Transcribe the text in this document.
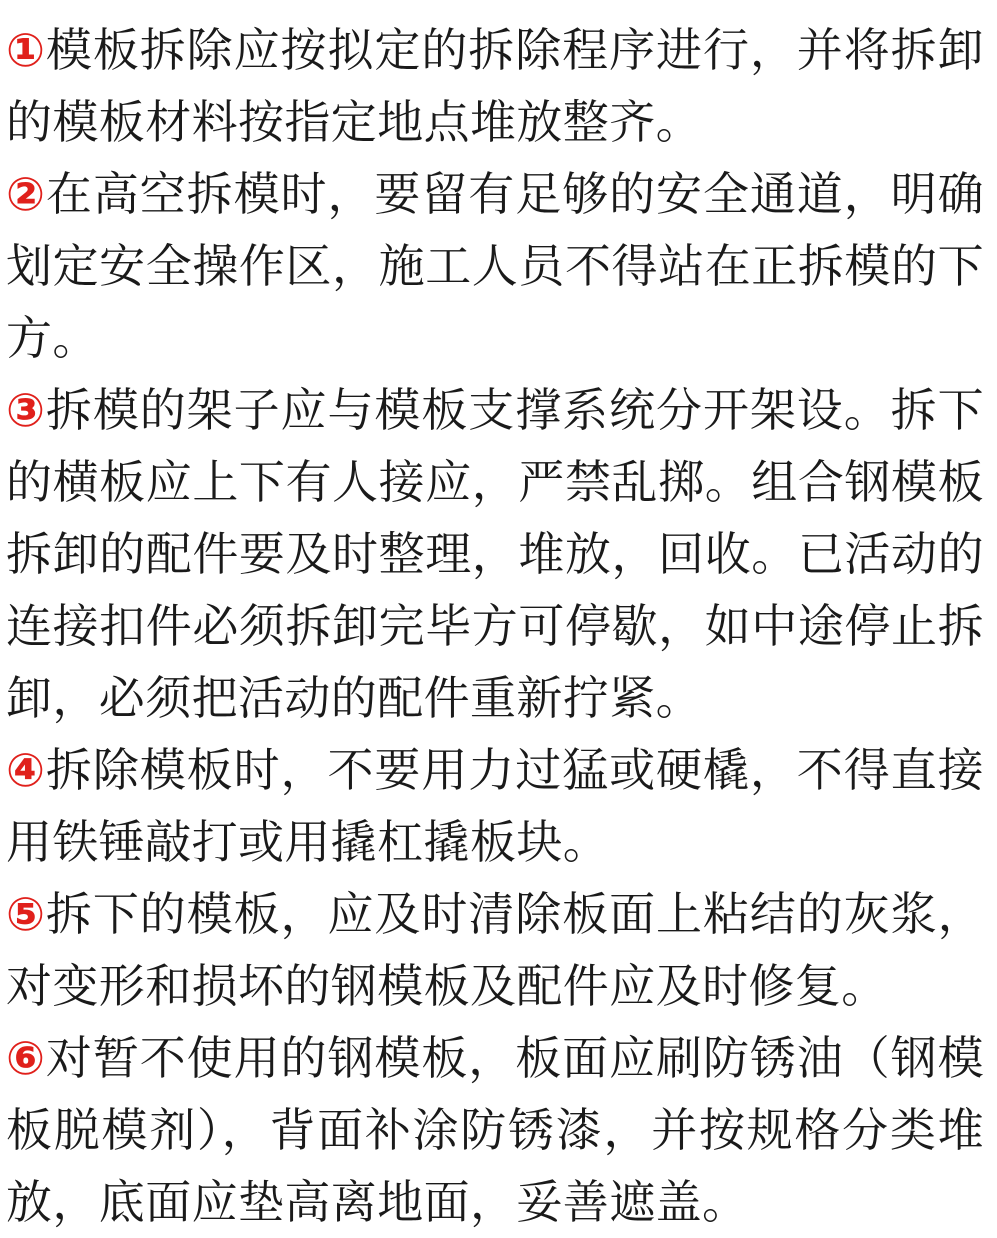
①模板拆除应按拟定的拆除程序进行，并将拆卸的模板材料按指定地点堆放整齐。

②在高空拆模时，要留有足够的安全通道，明确划定安全操作区，施工人员不得站在正拆模的下方。

③拆模的架子应与模板支撑系统分开架设。拆下的横板应上下有人接应，严禁乱掷。组合钢模板拆卸的配件要及时整理，堆放，回收。已活动的连接扣件必须拆卸完毕方可停歇，如中途停止拆卸，必须把活动的配件重新拧紧。

④拆除模板时，不要用力过猛或硬橇，不得直接用铁锤敲打或用撬杠撬板块。

⑤拆下的模板，应及时清除板面上粘结的灰浆，对变形和损坏的钢模板及配件应及时修复。

⑥对暂不使用的钢模板，板面应刷防锈油（钢模板脱模剂），背面补涂防锈漆，并按规格分类堆放，底面应垫高离地面，妥善遮盖。
